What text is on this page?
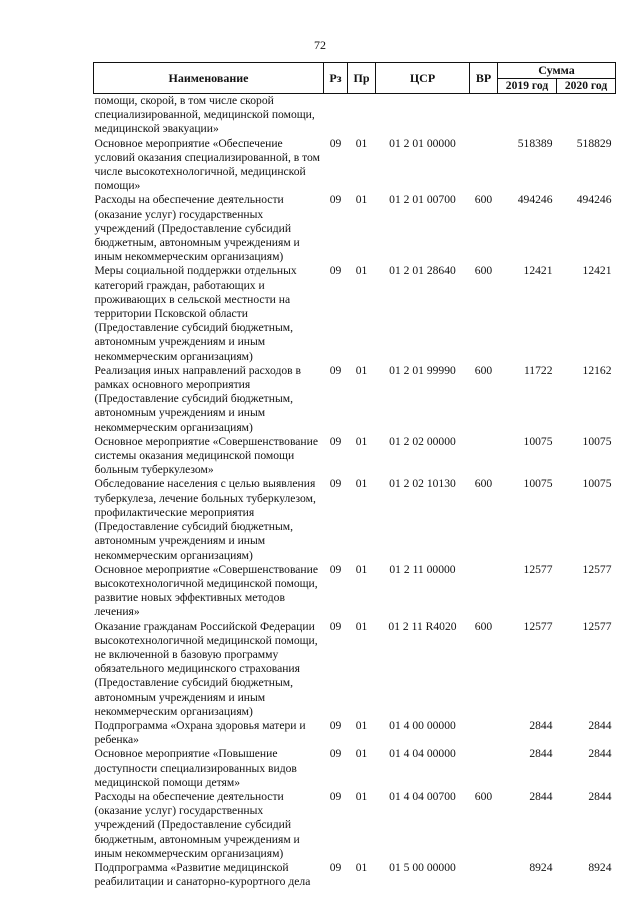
72
Наименование	Рз	Пр	ЦСР	ВР	Сумма	
					2019 год	2020 год
помощи, скорой, в том числе скорой специализированной, медицинской помощи, медицинской эвакуации»						
Основное мероприятие «Обеспечение условий оказания специализированной, в том числе высокотехнологичной, медицинской помощи»	09	01	01 2 01 00000		518389	518829
Расходы на обеспечение деятельности (оказание услуг) государственных учреждений (Предоставление субсидий бюджетным, автономным учреждениям и иным некоммерческим организациям)	09	01	01 2 01 00700	600	494246	494246
Меры социальной поддержки отдельных категорий граждан, работающих и проживающих в сельской местности на территории Псковской области (Предоставление субсидий бюджетным, автономным учреждениям и иным некоммерческим организациям)	09	01	01 2 01 28640	600	12421	12421
Реализация иных направлений расходов в рамках основного мероприятия (Предоставление субсидий бюджетным, автономным учреждениям и иным некоммерческим организациям)	09	01	01 2 01 99990	600	11722	12162
Основное мероприятие «Совершенствование системы оказания медицинской помощи больным туберкулезом»	09	01	01 2 02 00000		10075	10075
Обследование населения с целью выявления туберкулеза, лечение больных туберкулезом, профилактические мероприятия (Предоставление субсидий бюджетным, автономным учреждениям и иным некоммерческим организациям)	09	01	01 2 02 10130	600	10075	10075
Основное мероприятие «Совершенствование высокотехнологичной медицинской помощи, развитие новых эффективных методов лечения»	09	01	01 2 11 00000		12577	12577
Оказание гражданам Российской Федерации высокотехнологичной медицинской помощи, не включенной в базовую программу обязательного медицинского страхования (Предоставление субсидий бюджетным, автономным учреждениям и иным некоммерческим организациям)	09	01	01 2 11 R4020	600	12577	12577
Подпрограмма «Охрана здоровья матери и ребенка»	09	01	01 4 00 00000		2844	2844
Основное мероприятие «Повышение доступности специализированных видов медицинской помощи детям»	09	01	01 4 04 00000		2844	2844
Расходы на обеспечение деятельности (оказание услуг) государственных учреждений (Предоставление субсидий бюджетным, автономным учреждениям и иным некоммерческим организациям)	09	01	01 4 04 00700	600	2844	2844
Подпрограмма «Развитие медицинской реабилитации и санаторно-курортного дела	09	01	01 5 00 00000		8924	8924
